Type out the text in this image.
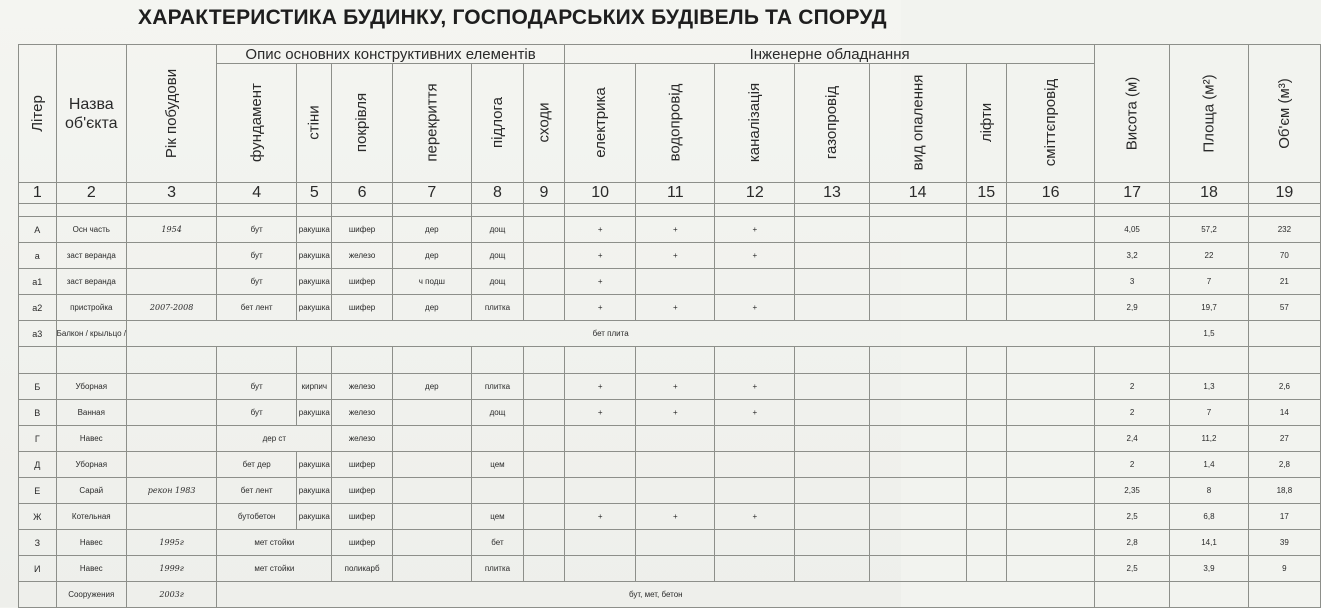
ХАРАКТЕРИСТИКА БУДИНКУ, ГОСПОДАРСЬКИХ БУДІВЕЛЬ ТА СПОРУД
Літер	Назва об'єкта	Рік побудови	Опис основних конструктивних елементів						Інженерне обладнання							Висота (м)	Площа (м²)	Об'єм (м³)
			фундамент	стіни	покрівля	перекриття	підлога	сходи	електрика	водопровід	каналізація	газопровід	вид опалення	ліфти	сміттєпровід			
1	2	3	4	5	6	7	8	9	10	11	12	13	14	15	16	17	18	19

А	Осн часть	1954	бут	ракушка	шифер	дер	дощ		+	+	+					4,05	57,2	232
а	заст веранда		бут	ракушка	железо	дер	дощ		+	+	+					3,2	22	70
а1	заст веранда		бут	ракушка	шифер	ч подш	дощ		+							3	7	21
а2	пристройка	2007-2008	бет лент	ракушка	шифер	дер	плитка		+	+	+					2,9	19,7	57
а3	Балкон / крыльцо /	бет плита															1,5	

Б	Уборная		бут	кирпич	железо	дер	плитка		+	+	+					2	1,3	2,6
В	Ванная		бут	ракушка	железо		дощ		+	+	+					2	7	14
Г	Навес		дер ст		железо											2,4	11,2	27
Д	Уборная		бет дер	ракушка	шифер		цем									2	1,4	2,8
Е	Сарай	рекон 1983	бет лент	ракушка	шифер											2,35	8	18,8
Ж	Котельная		бутобетон	ракушка	шифер		цем		+	+	+					2,5	6,8	17
З	Навес	1995г	мет стойки		шифер		бет									2,8	14,1	39
И	Навес	1999г	мет стойки		поликарб		плитка									2,5	3,9	9
	Сооружения	2003г	бут, мет, бетон															
